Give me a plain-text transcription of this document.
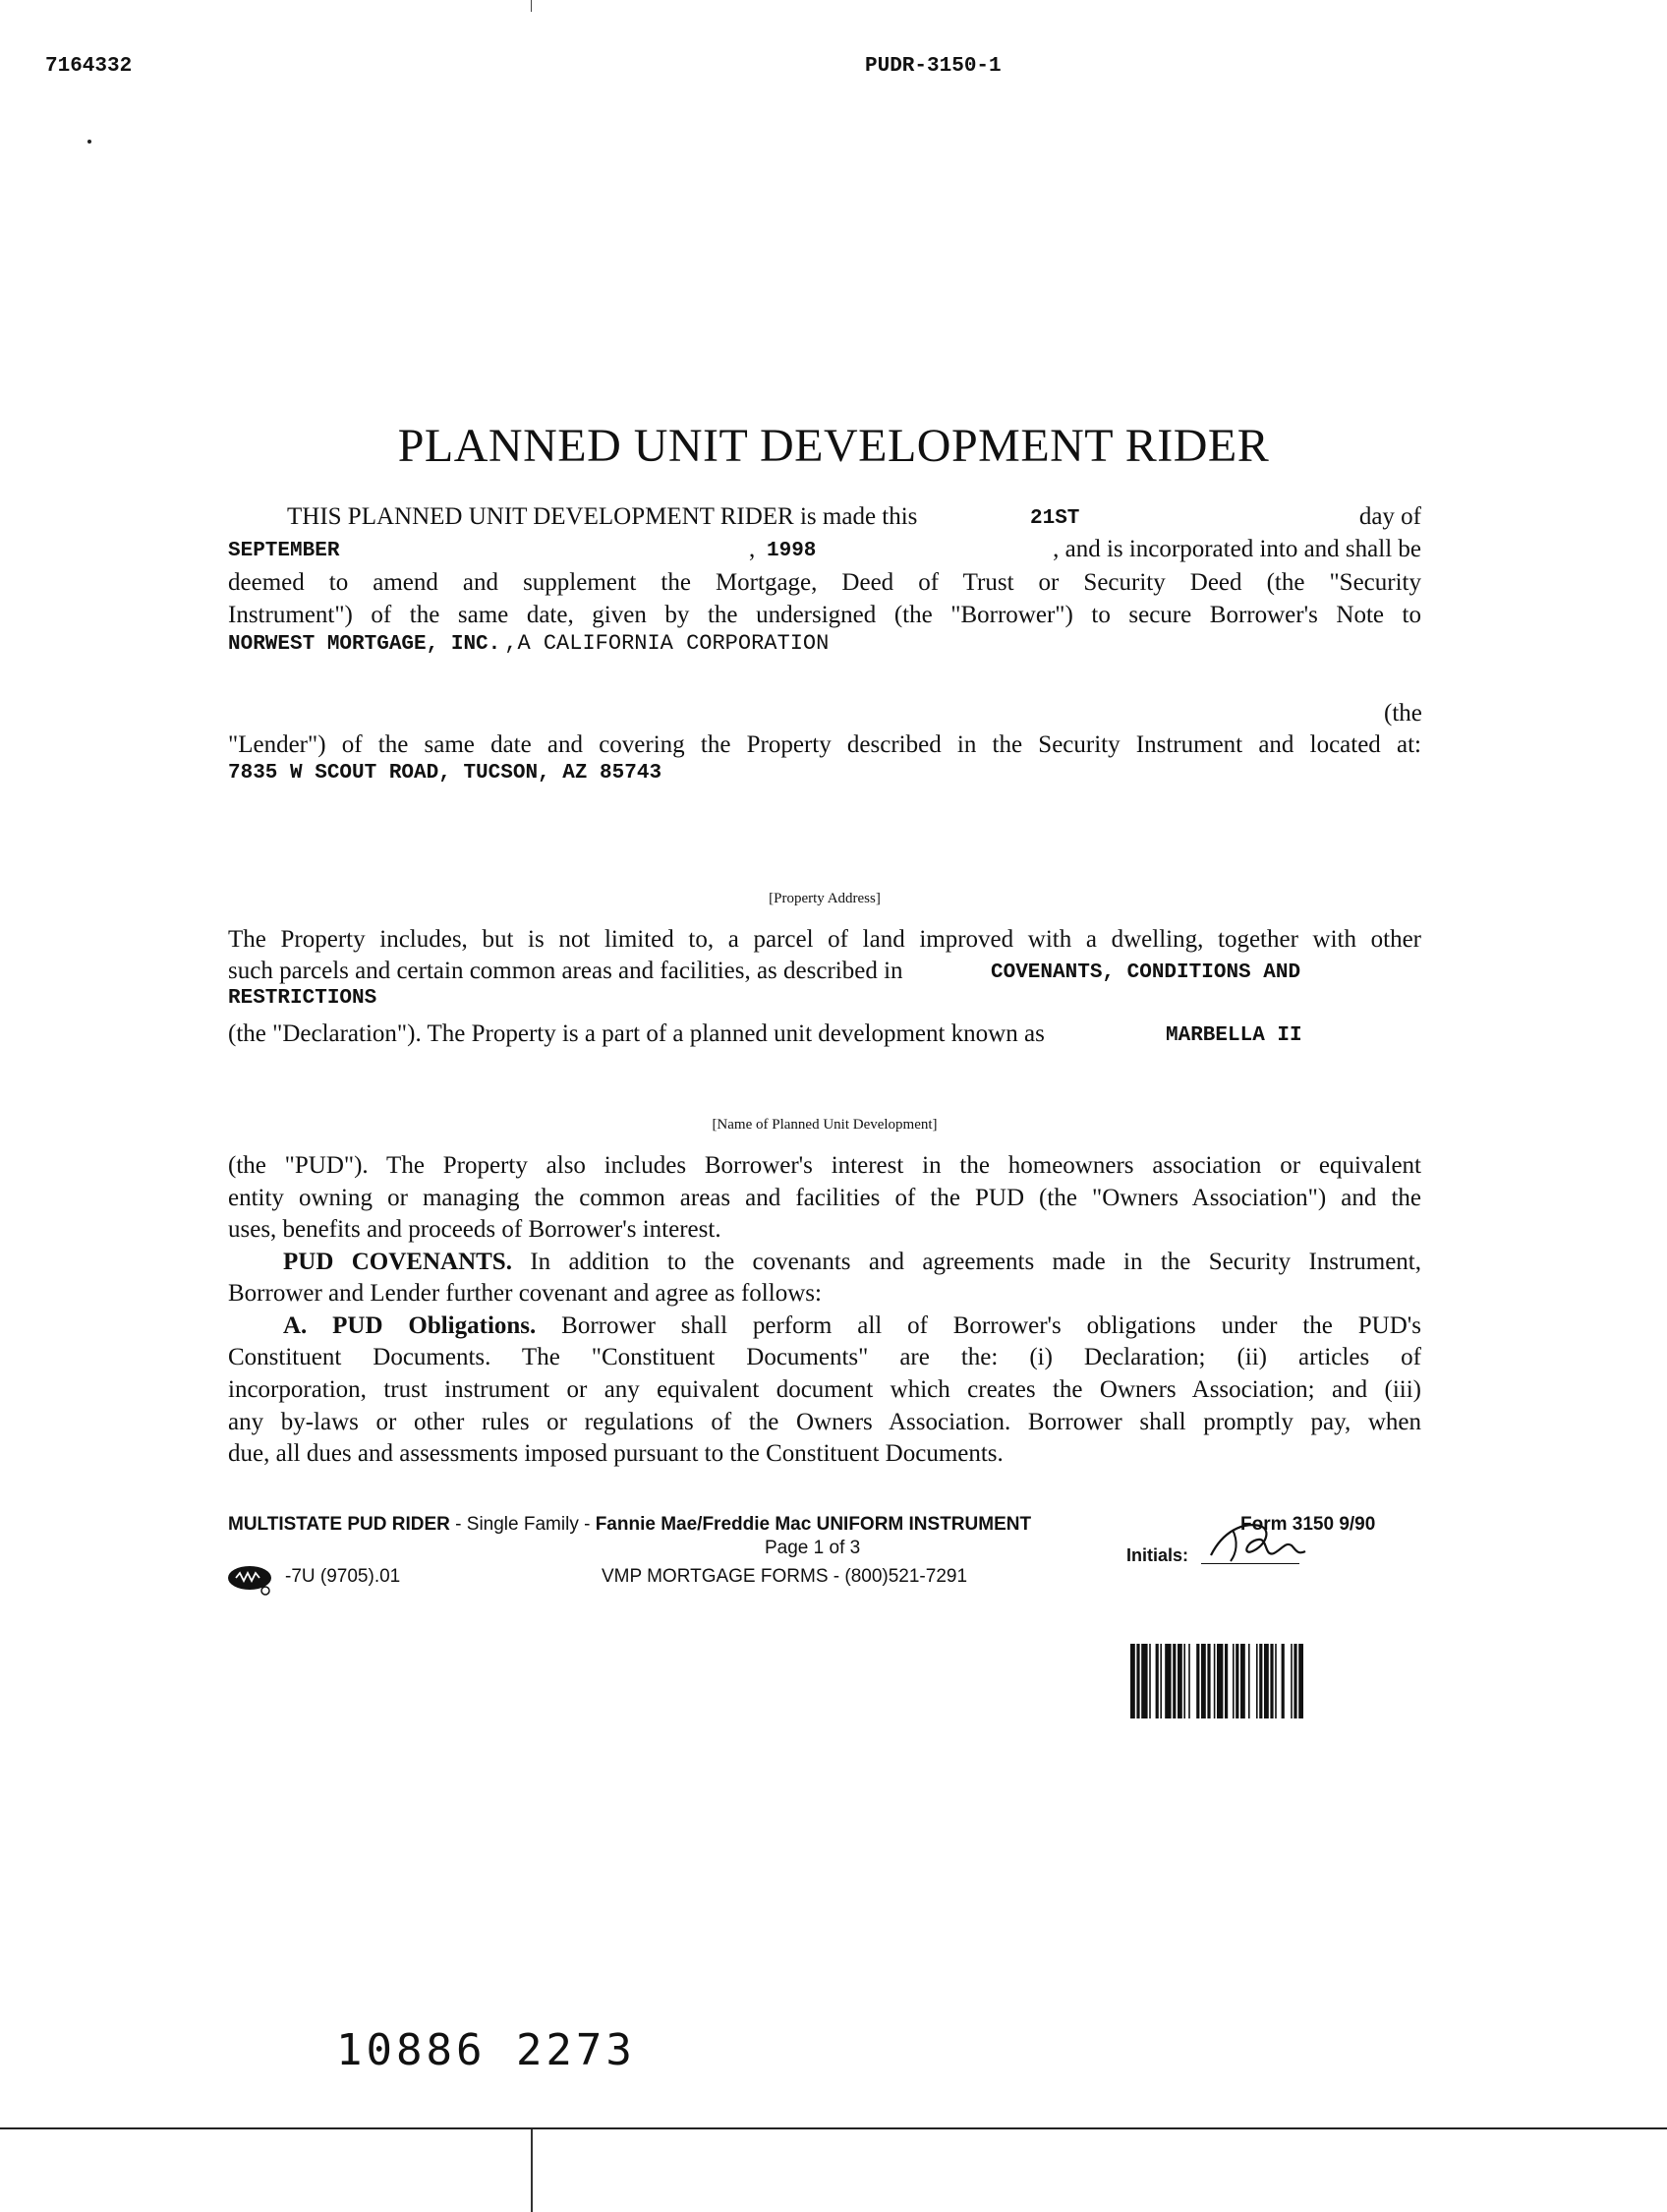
7164332	PUDR-3150-1
PLANNED UNIT DEVELOPMENT RIDER
THIS PLANNED UNIT DEVELOPMENT RIDER is made this	21ST	day of
SEPTEMBER	, 1998	, and is incorporated into and shall be
deemed to amend and supplement the Mortgage, Deed of Trust or Security Deed (the "Security
Instrument") of the same date, given by the undersigned (the "Borrower") to secure Borrower's Note to
NORWEST MORTGAGE, INC. ,A CALIFORNIA CORPORATION
(the
"Lender") of the same date and covering the Property described in the Security Instrument and located at:
7835 W SCOUT ROAD, TUCSON, AZ 85743
[Property Address]
The Property includes, but is not limited to, a parcel of land improved with a dwelling, together with other
such parcels and certain common areas and facilities, as described in	COVENANTS, CONDITIONS AND
RESTRICTIONS
(the "Declaration"). The Property is a part of a planned unit development known as	MARBELLA II
[Name of Planned Unit Development]
(the "PUD"). The Property also includes Borrower's interest in the homeowners association or equivalent
entity owning or managing the common areas and facilities of the PUD (the "Owners Association") and the
uses, benefits and proceeds of Borrower's interest.
PUD COVENANTS. In addition to the covenants and agreements made in the Security Instrument,
Borrower and Lender further covenant and agree as follows:
A. PUD Obligations. Borrower shall perform all of Borrower's obligations under the PUD's
Constituent Documents. The "Constituent Documents" are the: (i) Declaration; (ii) articles of
incorporation, trust instrument or any equivalent document which creates the Owners Association; and (iii)
any by-laws or other rules or regulations of the Owners Association. Borrower shall promptly pay, when
due, all dues and assessments imposed pursuant to the Constituent Documents.
MULTISTATE PUD RIDER - Single Family - Fannie Mae/Freddie Mac UNIFORM INSTRUMENT	Form 3150 9/90
Page 1 of 3	Initials:
-7U (9705).01	VMP MORTGAGE FORMS - (800)521-7291
10886 2273
